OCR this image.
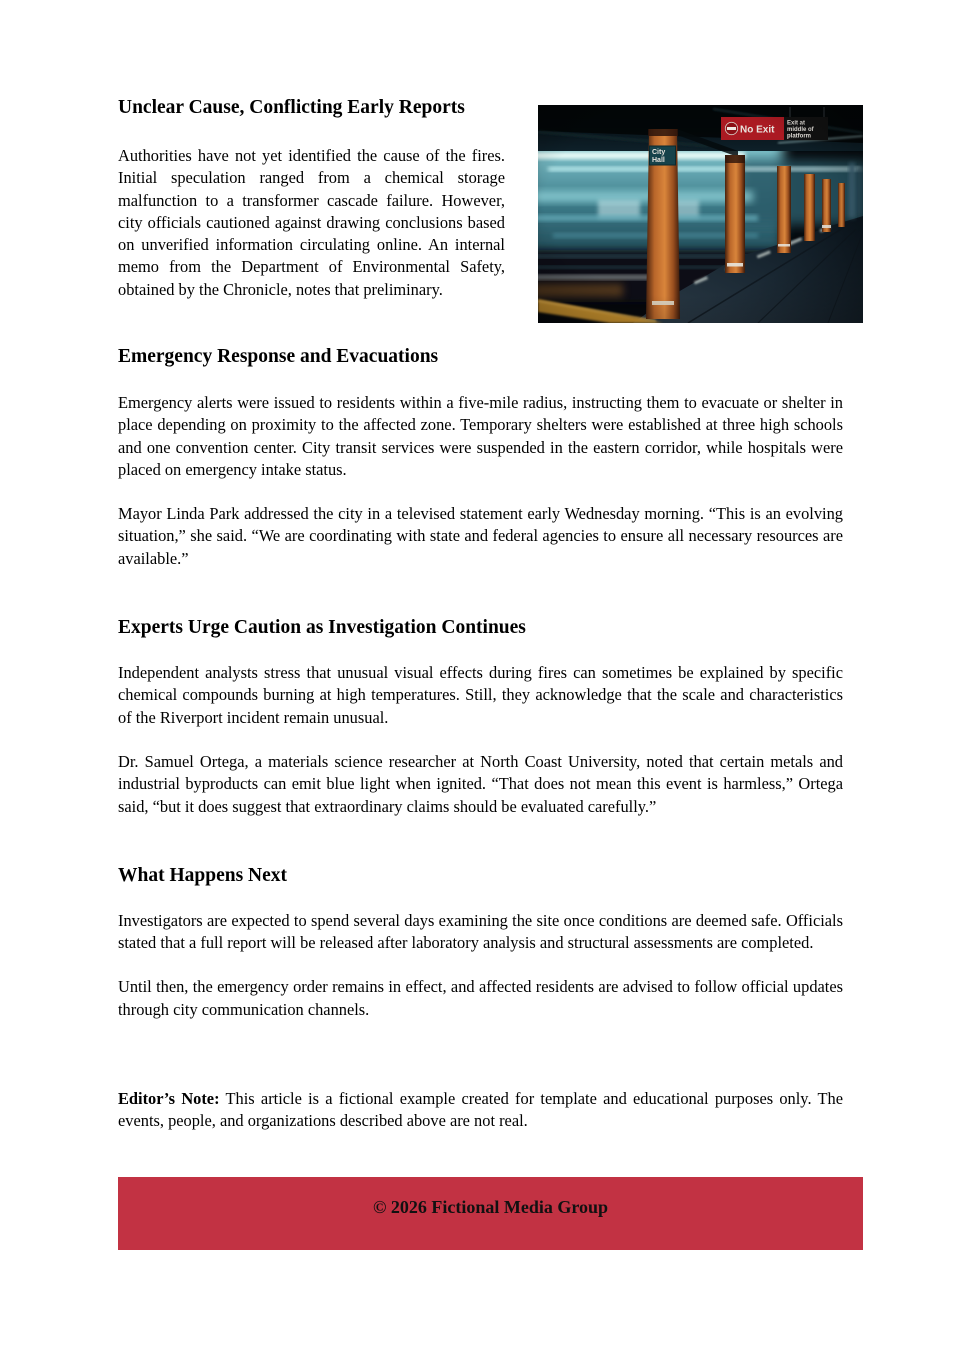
Unclear Cause, Conflicting Early Reports

Authorities have not yet identified the cause of the fires. Initial speculation ranged from a chemical storage malfunction to a transformer cascade failure. However, city officials cautioned against drawing conclusions based on unverified information circulating online. An internal memo from the Department of Environmental Safety, obtained by the Chronicle, notes that preliminary.

Emergency Response and Evacuations

Emergency alerts were issued to residents within a five-mile radius, instructing them to evacuate or shelter in place depending on proximity to the affected zone. Temporary shelters were established at three high schools and one convention center. City transit services were suspended in the eastern corridor, while hospitals were placed on emergency intake status.

Mayor Linda Park addressed the city in a televised statement early Wednesday morning. “This is an evolving situation,” she said. “We are coordinating with state and federal agencies to ensure all necessary resources are available.”

Experts Urge Caution as Investigation Continues

Independent analysts stress that unusual visual effects during fires can sometimes be explained by specific chemical compounds burning at high temperatures. Still, they acknowledge that the scale and characteristics of the Riverport incident remain unusual.

Dr. Samuel Ortega, a materials science researcher at North Coast University, noted that certain metals and industrial byproducts can emit blue light when ignited. “That does not mean this event is harmless,” Ortega said, “but it does suggest that extraordinary claims should be evaluated carefully.”

What Happens Next

Investigators are expected to spend several days examining the site once conditions are deemed safe. Officials stated that a full report will be released after laboratory analysis and structural assessments are completed.

Until then, the emergency order remains in effect, and affected residents are advised to follow official updates through city communication channels.

Editor’s Note: This article is a fictional example created for template and educational purposes only. The events, people, and organizations described above are not real.

© 2026 Fictional Media Group
